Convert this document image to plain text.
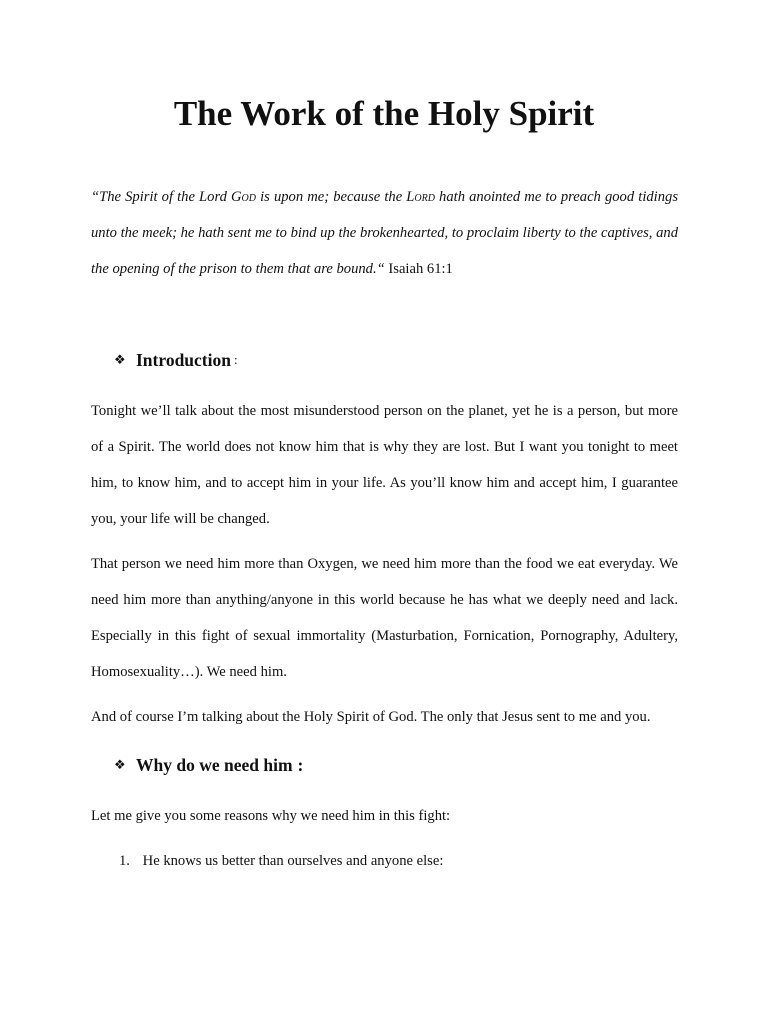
The Work of the Holy Spirit

“The Spirit of the Lord God is upon me; because the Lord hath anointed me to preach good tidings unto the meek; he hath sent me to bind up the brokenhearted, to proclaim liberty to the captives, and the opening of the prison to them that are bound.“ Isaiah 61:1

❖ Introduction :

Tonight we’ll talk about the most misunderstood person on the planet, yet he is a person, but more of a Spirit. The world does not know him that is why they are lost. But I want you tonight to meet him, to know him, and to accept him in your life. As you’ll know him and accept him, I guarantee you, your life will be changed.

That person we need him more than Oxygen, we need him more than the food we eat everyday. We need him more than anything/anyone in this world because he has what we deeply need and lack. Especially in this fight of sexual immortality (Masturbation, Fornication, Pornography, Adultery, Homosexuality…). We need him.

And of course I’m talking about the Holy Spirit of God. The only that Jesus sent to me and you.

❖ Why do we need him :

Let me give you some reasons why we need him in this fight:

1. He knows us better than ourselves and anyone else:
